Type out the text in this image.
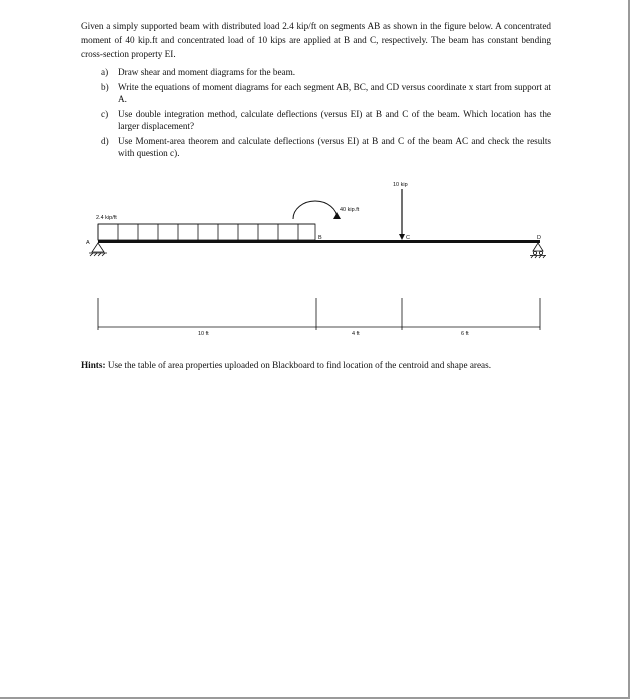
Given a simply supported beam with distributed load 2.4 kip/ft on segments AB as shown in the figure below. A concentrated moment of 40 kip.ft and concentrated load of 10 kips are applied at B and C, respectively. The beam has constant bending cross-section property EI.

a)	Draw shear and moment diagrams for the beam.
b)	Write the equations of moment diagrams for each segment AB, BC, and CD versus coordinate x start from support at A.
c)	Use double integration method, calculate deflections (versus EI) at B and C of the beam. Which location has the larger displacement?
d)	Use Moment-area theorem and calculate deflections (versus EI) at B and C of the beam AC and check the results with question c).
2.4 kip/ft
A
D
40 kip.ft
B
10 kip
C
10 ft	4 ft	6 ft

Hints: Use the table of area properties uploaded on Blackboard to find location of the centroid and shape areas.
